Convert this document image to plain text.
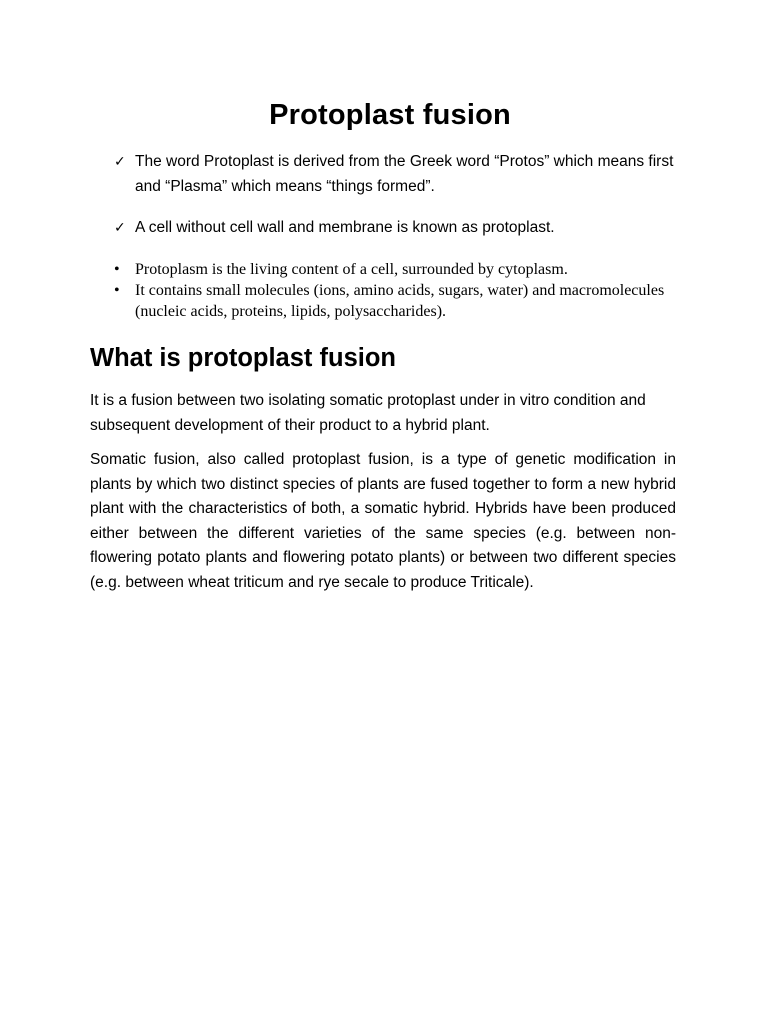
Protoplast fusion
✓ The word Protoplast is derived from the Greek word “Protos” which means first and “Plasma” which means “things formed”.
✓ A cell without cell wall and membrane is known as protoplast.
• Protoplasm is the living content of a cell, surrounded by cytoplasm.
• It contains small molecules (ions, amino acids, sugars, water) and macromolecules (nucleic acids, proteins, lipids, polysaccharides).
What is protoplast fusion

It is a fusion between two isolating somatic protoplast under in vitro condition and subsequent development of their product to a hybrid plant.

Somatic fusion, also called protoplast fusion, is a type of genetic modification in plants by which two distinct species of plants are fused together to form a new hybrid plant with the characteristics of both, a somatic hybrid. Hybrids have been produced either between the different varieties of the same species (e.g. between non-flowering potato plants and flowering potato plants) or between two different species (e.g. between wheat triticum and rye secale to produce Triticale).
